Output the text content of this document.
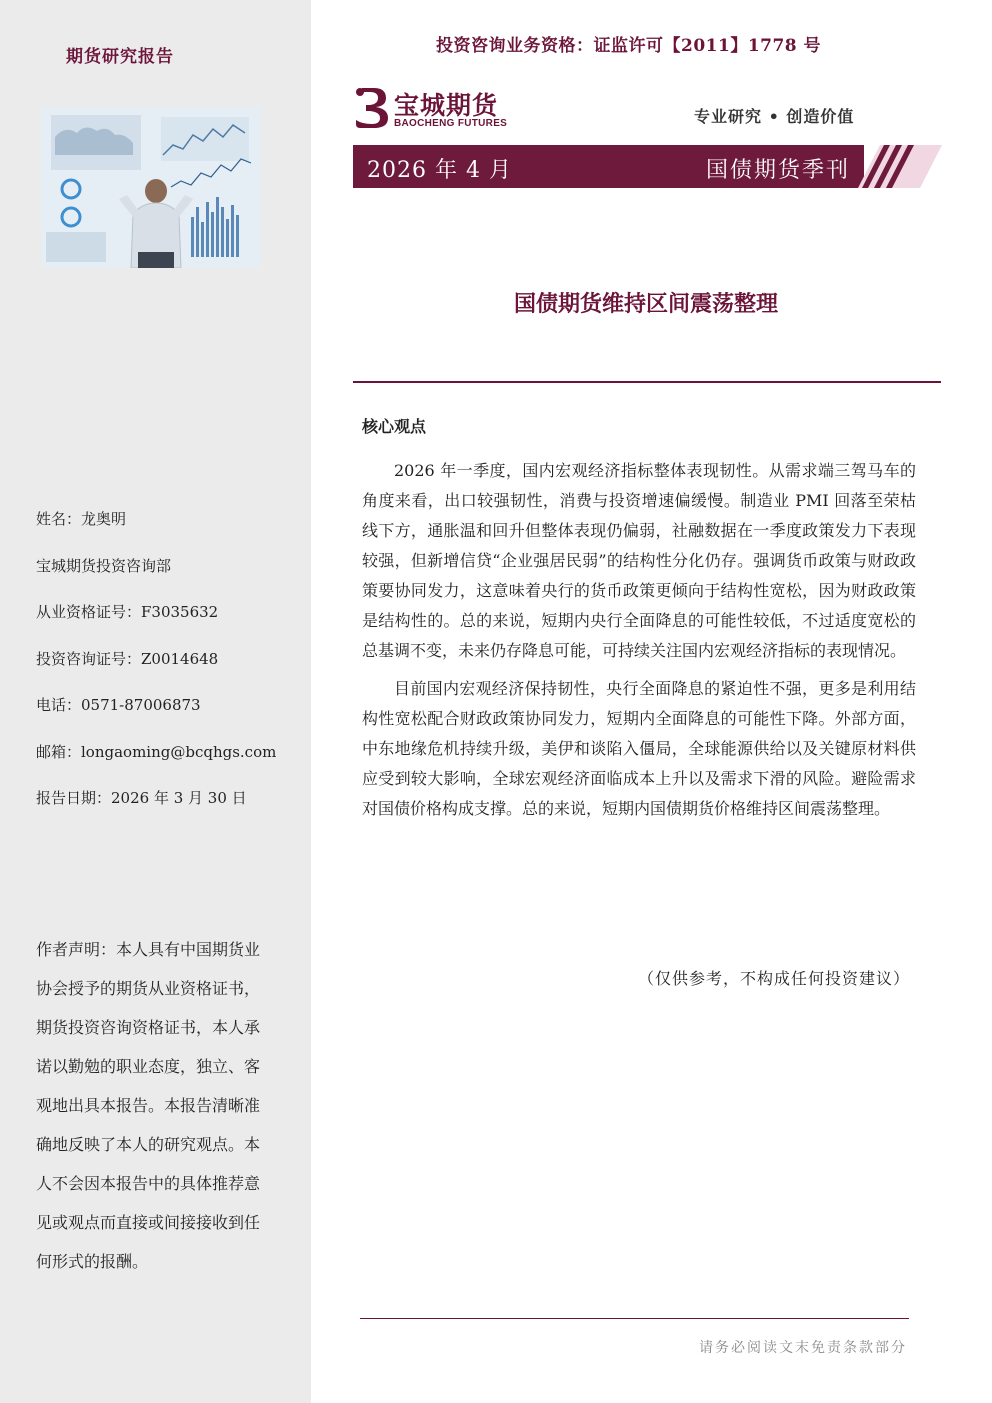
期货研究报告
姓名：龙奥明
宝城期货投资咨询部
从业资格证号：F3035632
投资咨询证号：Z0014648
电话：0571-87006873
邮箱：longaoming@bcqhgs.com
报告日期：2026 年 3 月 30 日
作者声明：本人具有中国期货业协会授予的期货从业资格证书，期货投资咨询资格证书，本人承诺以勤勉的职业态度，独立、客观地出具本报告。本报告清晰准确地反映了本人的研究观点。本人不会因本报告中的具体推荐意见或观点而直接或间接接收到任何形式的报酬。
投资咨询业务资格：证监许可【2011】1778 号
宝城期货
BAOCHENG FUTURES	专业研究 • 创造价值
2026 年 4 月	国债期货季刊
国债期货维持区间震荡整理
核心观点

2026 年一季度，国内宏观经济指标整体表现韧性。从需求端三驾马车的角度来看，出口较强韧性，消费与投资增速偏缓慢。制造业 PMI 回落至荣枯线下方，通胀温和回升但整体表现仍偏弱，社融数据在一季度政策发力下表现较强，但新增信贷“企业强居民弱”的结构性分化仍存。强调货币政策与财政政策要协同发力，这意味着央行的货币政策更倾向于结构性宽松，因为财政政策是结构性的。总的来说，短期内央行全面降息的可能性较低，不过适度宽松的总基调不变，未来仍存降息可能，可持续关注国内宏观经济指标的表现情况。

目前国内宏观经济保持韧性，央行全面降息的紧迫性不强，更多是利用结构性宽松配合财政政策协同发力，短期内全面降息的可能性下降。外部方面，中东地缘危机持续升级，美伊和谈陷入僵局，全球能源供给以及关键原材料供应受到较大影响，全球宏观经济面临成本上升以及需求下滑的风险。避险需求对国债价格构成支撑。总的来说，短期内国债期货价格维持区间震荡整理。

（仅供参考，不构成任何投资建议）
请务必阅读文末免责条款部分
